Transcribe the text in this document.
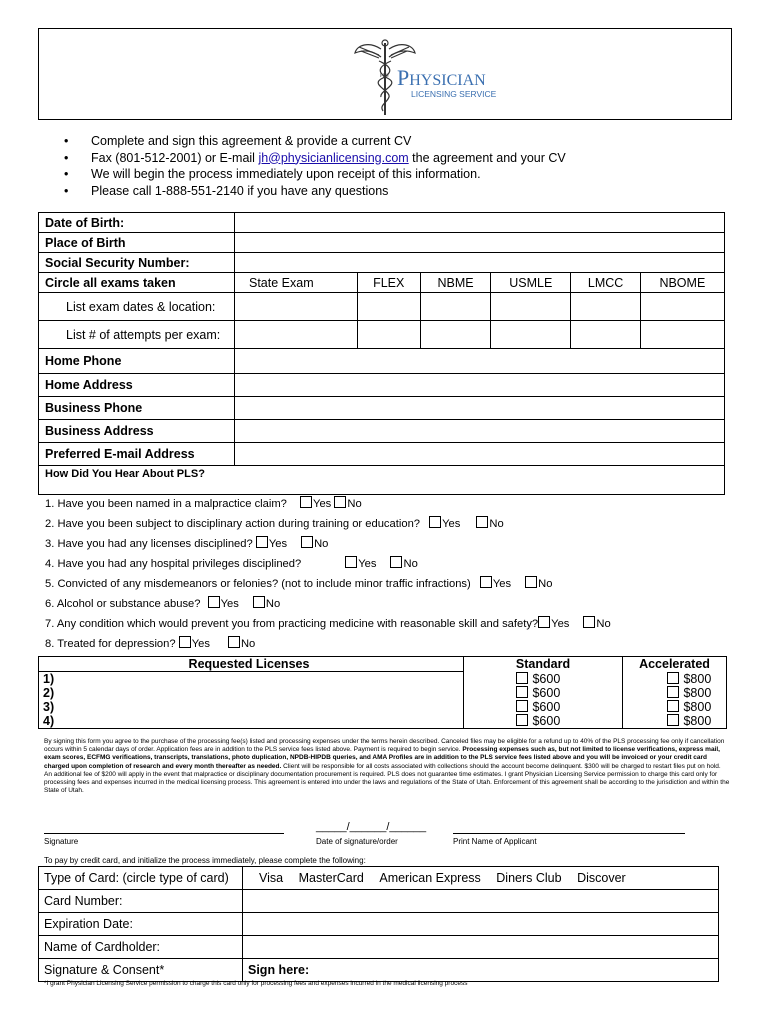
PLS PHYSICIAN
LICENSING SERVICE
• Complete and sign this agreement & provide a current CV
• Fax (801-512-2001) or E-mail jh@physicianlicensing.com the agreement and your CV
• We will begin the process immediately upon receipt of this information.
• Please call 1-888-551-2140 if you have any questions
Date of Birth:						
Place of Birth						
Social Security Number:						
Circle all exams taken	State Exam	FLEX	NBME	USMLE	LMCC	NBOME
List exam dates & location:						
List # of attempts per exam:						
Home Phone						
Home Address						
Business Phone						
Business Address						
Preferred E-mail Address						
How Did You Hear About PLS?						
1. Have you been named in a malpractice claim? Yes No
2. Have you been subject to disciplinary action during training or education? Yes	No
3. Have you had any licenses disciplined? Yes No
4. Have you had any hospital privileges disciplined?	Yes No
5. Convicted of any misdemeanors or felonies? (not to include minor traffic infractions) Yes No
6. Alcohol or substance abuse? Yes No
7. Any condition which would prevent you from practicing medicine with reasonable skill and safety? Yes No
8. Treated for depression? Yes	No
Requested Licenses	Standard	Accelerated
1)	$600	$800
2)	$600	$800
3)	$600	$800
4)	$600	$800
By signing this form you agree to the purchase of the processing fee(s) listed and processing expenses under the terms herein described. Canceled files may be eligible for a refund up to 40% of the PLS processing fee only if cancellation occurs within 5 calendar days of order. Application fees are in addition to the PLS service fees listed above. Payment is required to begin service. Processing expenses such as, but not limited to license verifications, express mail, exam scores, ECFMG verifications, transcripts, translations, photo duplication, NPDB-HIPDB queries, and AMA Profiles are in addition to the PLS service fees listed above and you will be invoiced or your credit card charged upon completion of research and every month thereafter as needed. Client will be responsible for all costs associated with collections should the account become delinquent. $300 will be charged to restart files put on hold. An additional fee of $200 will apply in the event that malpractice or disciplinary documentation procurement is required. PLS does not guarantee time estimates. I grant Physician Licensing Service permission to charge this card only for processing fees and expenses incurred in the medical licensing process. This agreement is entered into under the laws and regulations of the State of Utah. Enforcement of this agreement shall be according to the jurisdiction and within the State of Utah.
_____/______/______
Signature	Date of signature/order	Print Name of Applicant
To pay by credit card, and initialize the process immediately, please complete the following:
Type of Card: (circle type of card)	Visa MasterCard American Express Diners Club Discover
Card Number:	
Expiration Date:	
Name of Cardholder:	
Signature & Consent*	Sign here:
*I grant Physician Licensing Service permission to charge this card only for processing fees and expenses incurred in the medical licensing process
